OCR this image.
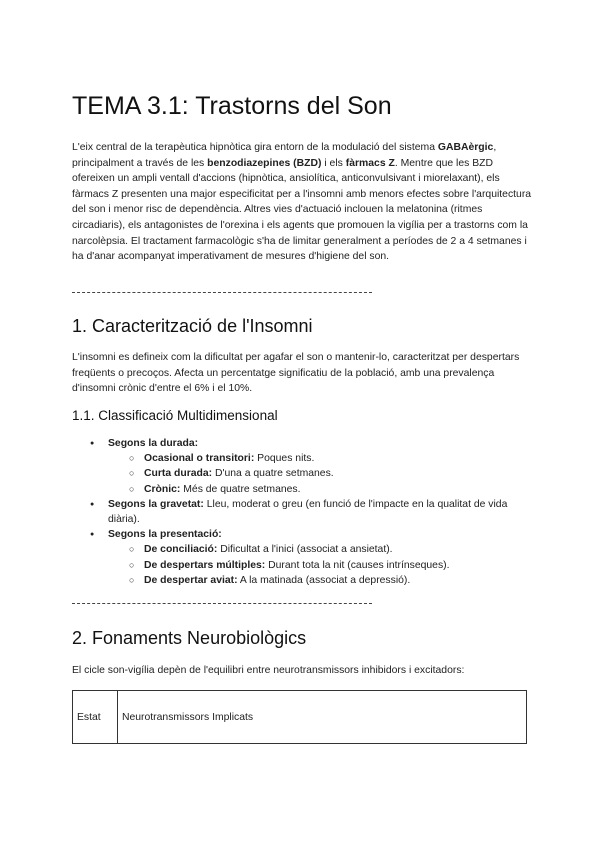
TEMA 3.1: Trastorns del Son

L'eix central de la terapèutica hipnòtica gira entorn de la modulació del sistema GABAèrgic, principalment a través de les benzodiazepines (BZD) i els fàrmacs Z. Mentre que les BZD ofereixen un ampli ventall d'accions (hipnòtica, ansiolítica, anticonvulsivant i miorelaxant), els fàrmacs Z presenten una major especificitat per a l'insomni amb menors efectes sobre l'arquitectura del son i menor risc de dependència. Altres vies d'actuació inclouen la melatonina (ritmes circadiaris), els antagonistes de l'orexina i els agents que promouen la vigília per a trastorns com la narcolèpsia. El tractament farmacològic s'ha de limitar generalment a períodes de 2 a 4 setmanes i ha d'anar acompanyat imperativament de mesures d'higiene del son.

1. Caracterització de l'Insomni

L'insomni es defineix com la dificultat per agafar el son o mantenir-lo, caracteritzat per despertars freqüents o precoços. Afecta un percentatge significatiu de la població, amb una prevalença d'insomni crònic d'entre el 6% i el 10%.

1.1. Classificació Multidimensional
● Segons la durada:
○ Ocasional o transitori: Poques nits.
○ Curta durada: D'una a quatre setmanes.
○ Crònic: Més de quatre setmanes.
● Segons la gravetat: Lleu, moderat o greu (en funció de l'impacte en la qualitat de vida diària).
● Segons la presentació:
○ De conciliació: Dificultat a l'inici (associat a ansietat).
○ De despertars múltiples: Durant tota la nit (causes intrínseques).
○ De despertar aviat: A la matinada (associat a depressió).
2. Fonaments Neurobiològics

El cicle son-vigília depèn de l'equilibri entre neurotransmissors inhibidors i excitadors:

Estat	Neurotransmissors Implicats
